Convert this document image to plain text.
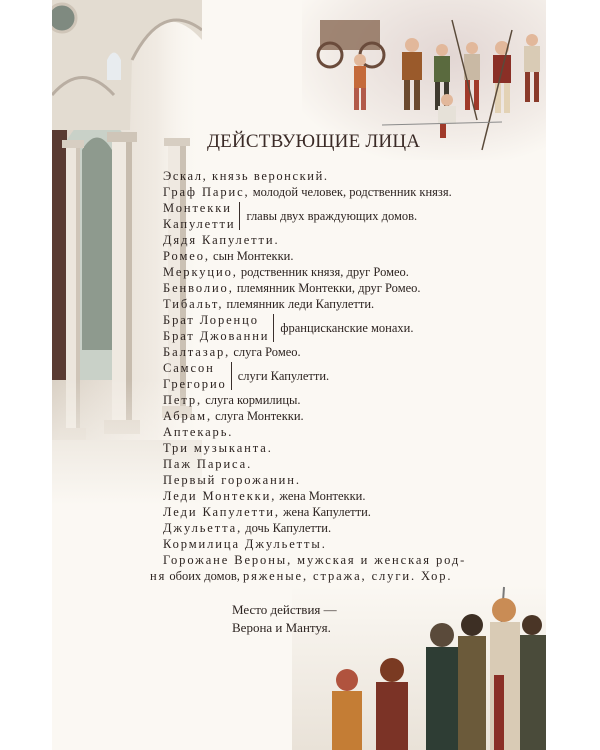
ДЕЙСТВУЮЩИЕ ЛИЦА
Место действия —
Верона и Мантуя.
Эскал, князь веронский.
Граф Парис, молодой человек, родственник князя.
Монтекки
Капулетти
главы двух враждующих домов.
Дядя Капулетти.
Ромео, сын Монтекки.
Меркуцио, родственник князя, друг Ромео.
Бенволио, племянник Монтекки, друг Ромео.
Тибальт, племянник леди Капулетти.
Брат Лоренцо
Брат Джованни
францисканские монахи.
Балтазар, слуга Ромео.
Самсон
Грегорио
слуги Капулетти.
Петр, слуга кормилицы.
Абрам, слуга Монтекки.
Аптекарь.
Три музыканта.
Паж Париса.
Первый горожанин.
Леди Монтекки, жена Монтекки.
Леди Капулетти, жена Капулетти.
Джульетта, дочь Капулетти.
Кормилица Джульетты.
Горожане Вероны, мужская и женская род-
ня обоих домов, ряженые, стража, слуги. Хор.
